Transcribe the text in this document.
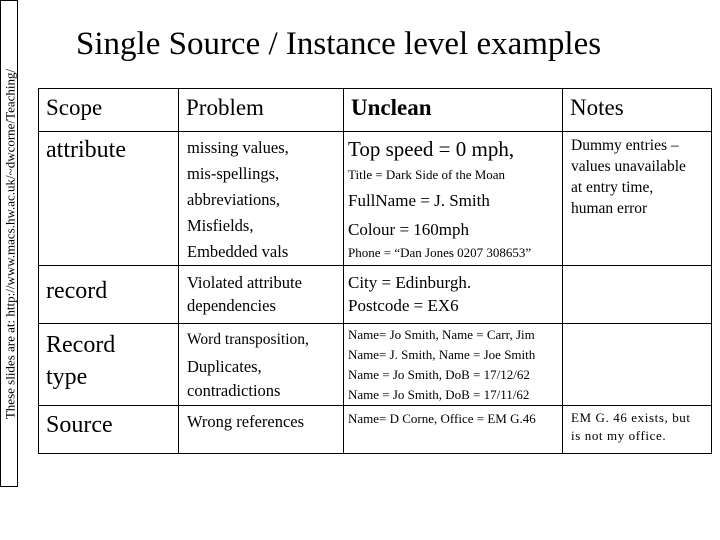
These slides are at: http://www.macs.hw.ac.uk/~dwcorne/Teaching/
Single Source / Instance level examples
Scope	Problem	Unclean	Notes

attribute	missing values,
mis-spellings,
abbreviations,
Misfields,
Embedded vals	Top speed = 0 mph,
Title = Dark Side of the Moan
FullName = J. Smith
Colour = 160mph
Phone = “Dan Jones 0207 308653”	Dummy entries –
values unavailable
at entry time,
human error

record	Violated attribute
dependencies	City = Edinburgh.
Postcode = EX6	

Record
type	Word transposition,
Duplicates,
contradictions	Name= Jo Smith, Name = Carr, Jim
Name= J. Smith, Name = Joe Smith
Name = Jo Smith, DoB = 17/12/62
Name = Jo Smith, DoB = 17/11/62	

Source	Wrong references	Name= D Corne, Office = EM G.46	EM G. 46 exists, but
is not my office.
